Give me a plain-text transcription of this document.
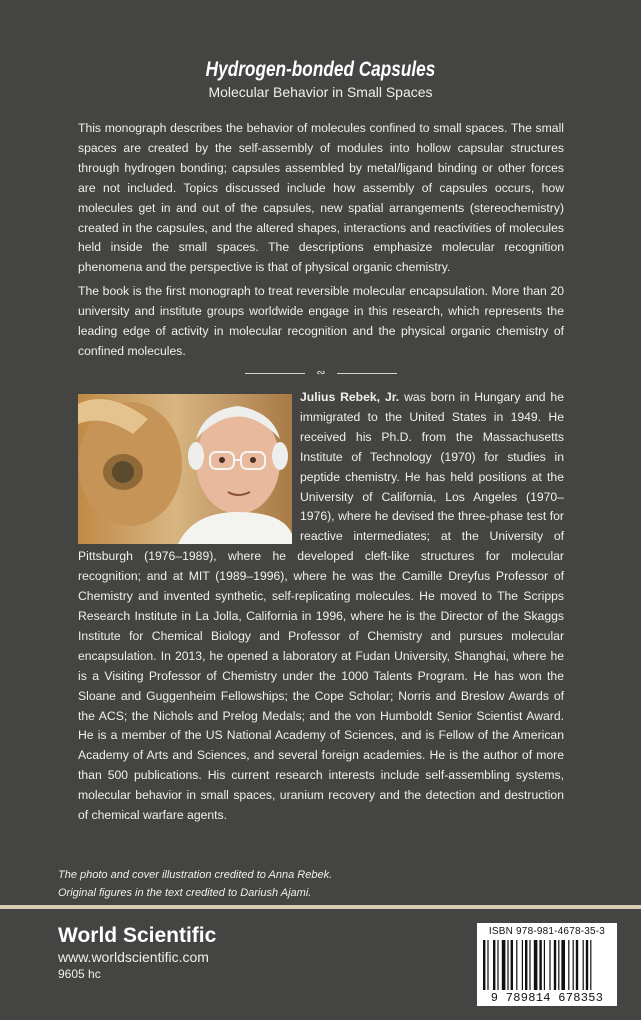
Hydrogen-bonded Capsules
Molecular Behavior in Small Spaces
This monograph describes the behavior of molecules confined to small spaces. The small spaces are created by the self-assembly of modules into hollow capsular structures through hydrogen bonding; capsules assembled by metal/ligand binding or other forces are not included. Topics discussed include how assembly of capsules occurs, how molecules get in and out of the capsules, new spatial arrangements (stereochemistry) created in the capsules, and the altered shapes, interactions and reactivities of molecules held inside the small spaces. The descriptions emphasize molecular recognition phenomena and the perspective is that of physical organic chemistry.
The book is the first monograph to treat reversible molecular encapsulation. More than 20 university and institute groups worldwide engage in this research, which represents the leading edge of activity in molecular recognition and the physical organic chemistry of confined molecules.
∾
Julius Rebek, Jr. was born in Hungary and he immigrated to the United States in 1949. He received his Ph.D. from the Massachusetts Institute of Technology (1970) for studies in peptide chemistry. He has held positions at the University of California, Los Angeles (1970–1976), where he devised the three-phase test for reactive intermediates; at the University of Pittsburgh (1976–1989), where he developed cleft-like structures for molecular recognition; and at MIT (1989–1996), where he was the Camille Dreyfus Professor of Chemistry and invented synthetic, self-replicating molecules. He moved to The Scripps Research Institute in La Jolla, California in 1996, where he is the Director of the Skaggs Institute for Chemical Biology and Professor of Chemistry and pursues molecular encapsulation. In 2013, he opened a laboratory at Fudan University, Shanghai, where he is a Visiting Professor of Chemistry under the 1000 Talents Program. He has won the Sloane and Guggenheim Fellowships; the Cope Scholar; Norris and Breslow Awards of the ACS; the Nichols and Prelog Medals; and the von Humboldt Senior Scientist Award. He is a member of the US National Academy of Sciences, and is Fellow of the American Academy of Arts and Sciences, and several foreign academies. He is the author of more than 500 publications. His current research interests include self-assembling systems, molecular behavior in small spaces, uranium recovery and the detection and destruction of chemical warfare agents.
The photo and cover illustration credited to Anna Rebek.
Original figures in the text credited to Dariush Ajami.
World Scientific
www.worldscientific.com
9605 hc
ISBN 978-981-4678-35-3
9 789814 678353
